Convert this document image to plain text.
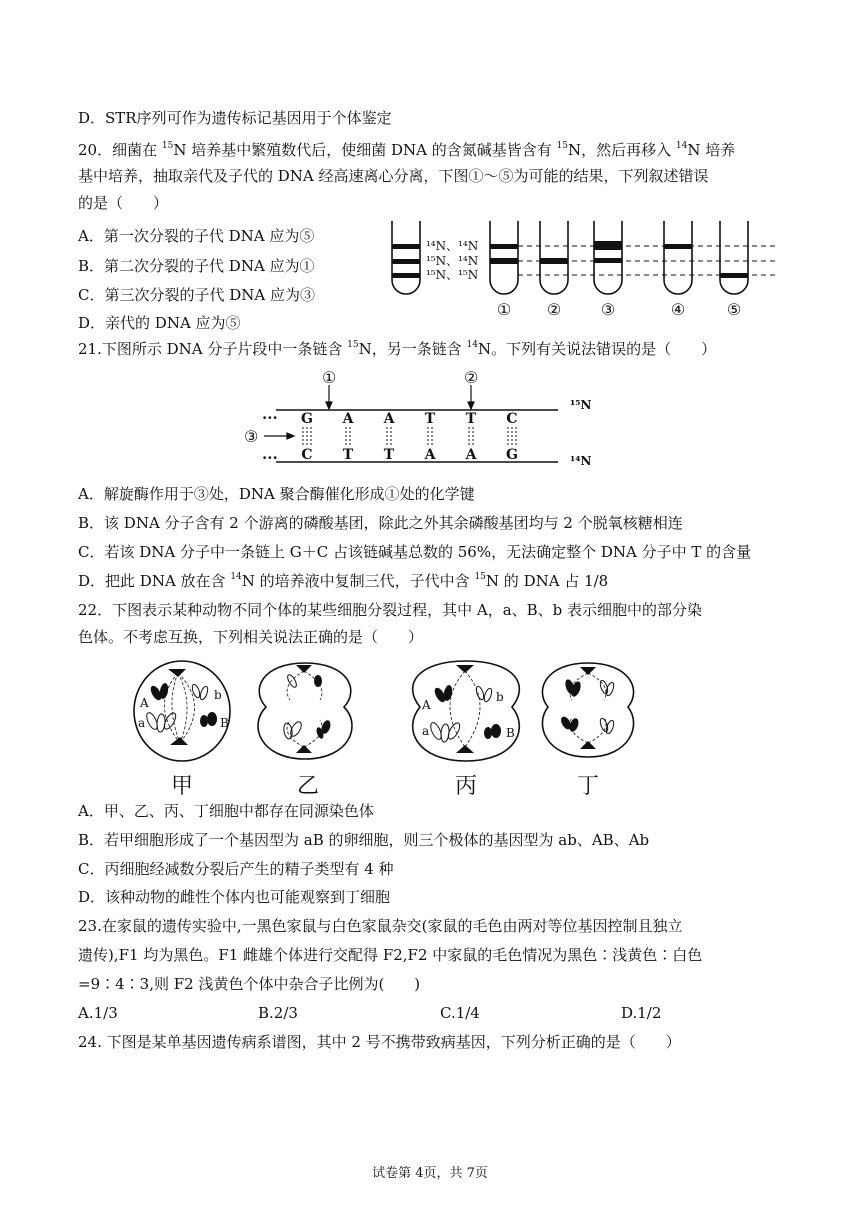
D．STR序列可作为遗传标记基因用于个体鉴定
20．细菌在 $^{15}$N 培养基中繁殖数代后，使细菌 DNA 的含氮碱基皆含有 $^{15}$N，然后再移入 $^{14}$N 培养
基中培养，抽取亲代及子代的 DNA 经高速离心分离，下图①～⑤为可能的结果，下列叙述错误
的是（　　）
A．第一次分裂的子代 DNA 应为⑤
B．第二次分裂的子代 DNA 应为①
C．第三次分裂的子代 DNA 应为③
D．亲代的 DNA 应为⑤
¹⁴N、¹⁴N
¹⁵N、¹⁴N
¹⁵N、¹⁵N
① ② ③	④	⑤
21.下图所示 DNA 分子片段中一条链含 $^{15}$N，另一条链含 $^{14}$N。下列有关说法错误的是（　　）
···
···
G A A T T C
C T T A A G
①	②
③
¹⁵N
¹⁴N
A．解旋酶作用于③处，DNA 聚合酶催化形成①处的化学键
B．该 DNA 分子含有 2 个游离的磷酸基团，除此之外其余磷酸基团均与 2 个脱氧核糖相连
C．若该 DNA 分子中一条链上 G＋C 占该链碱基总数的 56%，无法确定整个 DNA 分子中 T 的含量
D．把此 DNA 放在含 $^{14}$N 的培养液中复制三代，子代中含 $^{15}$N 的 DNA 占 1/8
22．下图表示某种动物不同个体的某些细胞分裂过程，其中 A，a、B、b 表示细胞中的部分染
色体。不考虑互换，下列相关说法正确的是（　　）
A
a
b
B
A
a
b
B
甲	乙	丙	丁
A．甲、乙、丙、丁细胞中都存在同源染色体
B．若甲细胞形成了一个基因型为 aB 的卵细胞，则三个极体的基因型为 ab、AB、Ab
C．丙细胞经减数分裂后产生的精子类型有 4 种
D．该种动物的雌性个体内也可能观察到丁细胞
23.在家鼠的遗传实验中,一黑色家鼠与白色家鼠杂交(家鼠的毛色由两对等位基因控制且独立
遗传),F1 均为黑色。F1 雌雄个体进行交配得 F2,F2 中家鼠的毛色情况为黑色∶浅黄色∶白色
=9∶4∶3,则 F2 浅黄色个体中杂合子比例为(　　)
A.1/3	B.2/3	C.1/4	D.1/2
24. 下图是某单基因遗传病系谱图，其中 2 号不携带致病基因，下列分析正确的是（　　）
试卷第 4页，共 7页
